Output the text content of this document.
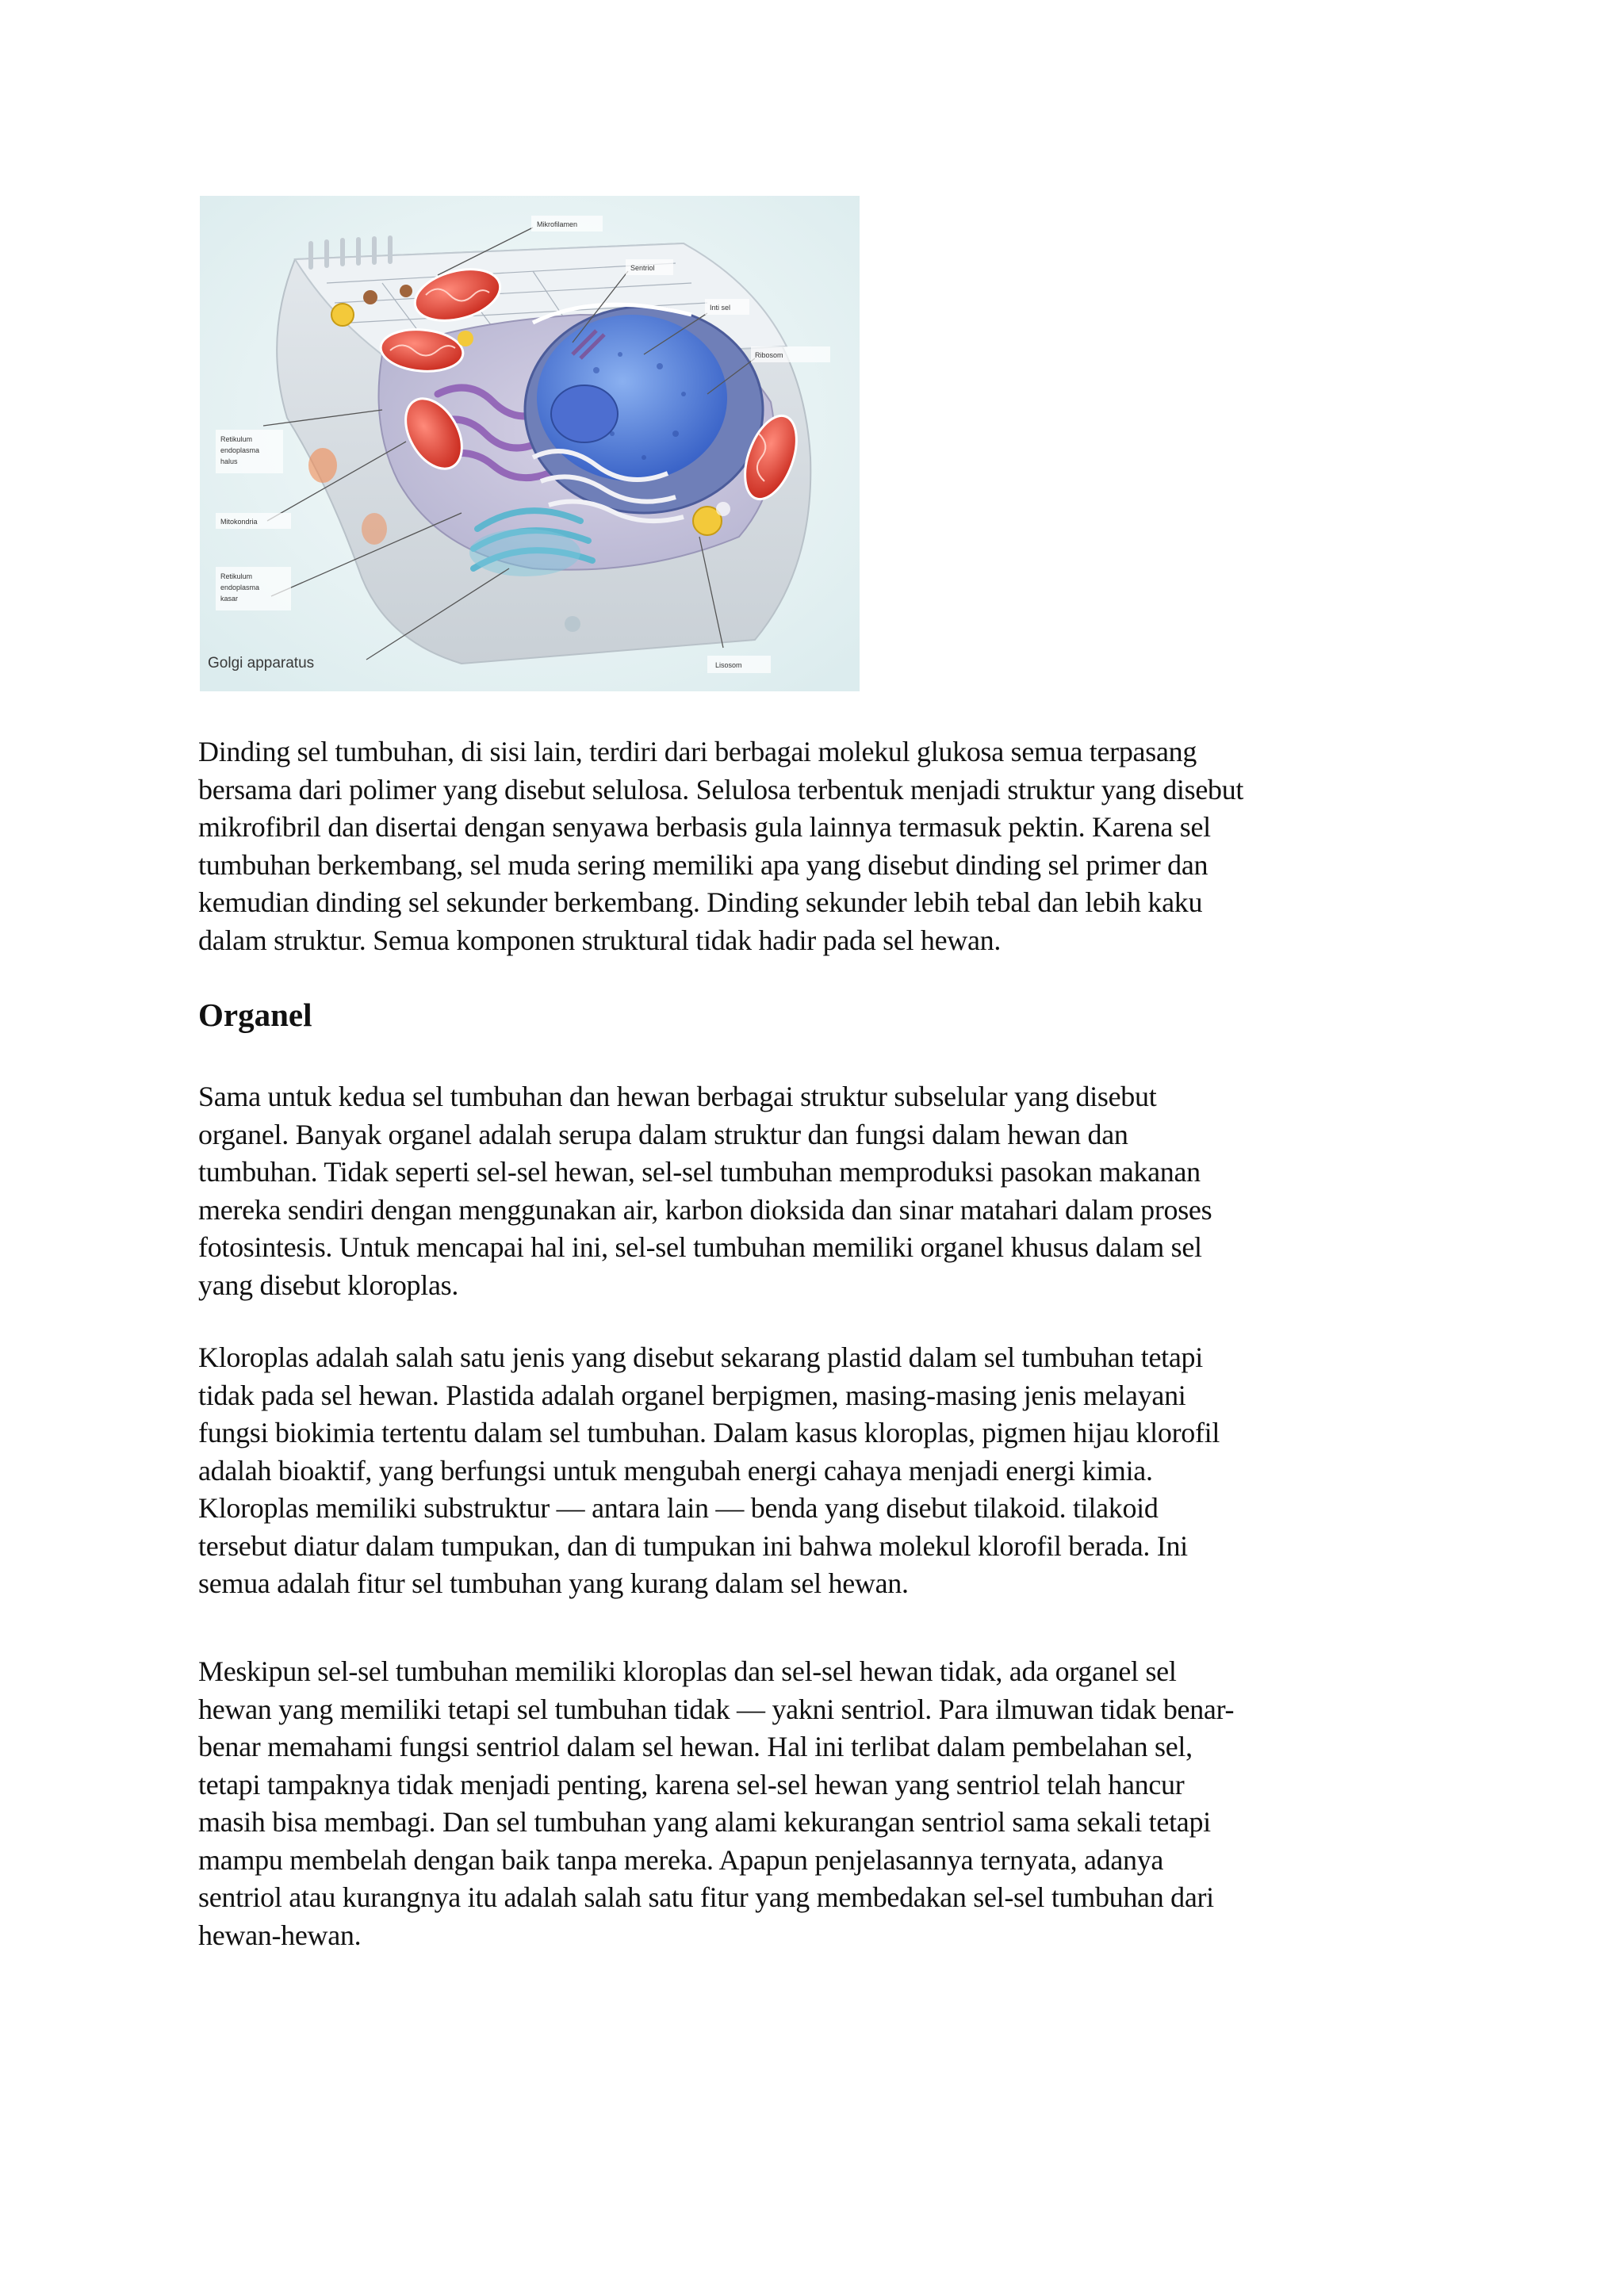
Mikrofilamen
Sentriol
Inti sel
Ribosom
Retikulum
endoplasma
halus
Mitokondria
Retikulum
endoplasma
kasar
Golgi apparatus	Lisosom

Dinding sel tumbuhan, di sisi lain, terdiri dari berbagai molekul glukosa semua terpasang
bersama dari polimer yang disebut selulosa. Selulosa terbentuk menjadi struktur yang disebut
mikrofibril dan disertai dengan senyawa berbasis gula lainnya termasuk pektin. Karena sel
tumbuhan berkembang, sel muda sering memiliki apa yang disebut dinding sel primer dan
kemudian dinding sel sekunder berkembang. Dinding sekunder lebih tebal dan lebih kaku
dalam struktur. Semua komponen struktural tidak hadir pada sel hewan.

Organel

Sama untuk kedua sel tumbuhan dan hewan berbagai struktur subselular yang disebut
organel. Banyak organel adalah serupa dalam struktur dan fungsi dalam hewan dan
tumbuhan. Tidak seperti sel-sel hewan, sel-sel tumbuhan memproduksi pasokan makanan
mereka sendiri dengan menggunakan air, karbon dioksida dan sinar matahari dalam proses
fotosintesis. Untuk mencapai hal ini, sel-sel tumbuhan memiliki organel khusus dalam sel
yang disebut kloroplas.

Kloroplas adalah salah satu jenis yang disebut sekarang plastid dalam sel tumbuhan tetapi
tidak pada sel hewan. Plastida adalah organel berpigmen, masing-masing jenis melayani
fungsi biokimia tertentu dalam sel tumbuhan. Dalam kasus kloroplas, pigmen hijau klorofil
adalah bioaktif, yang berfungsi untuk mengubah energi cahaya menjadi energi kimia.
Kloroplas memiliki substruktur — antara lain — benda yang disebut tilakoid. tilakoid
tersebut diatur dalam tumpukan, dan di tumpukan ini bahwa molekul klorofil berada. Ini
semua adalah fitur sel tumbuhan yang kurang dalam sel hewan.

Meskipun sel-sel tumbuhan memiliki kloroplas dan sel-sel hewan tidak, ada organel sel
hewan yang memiliki tetapi sel tumbuhan tidak — yakni sentriol. Para ilmuwan tidak benar-
benar memahami fungsi sentriol dalam sel hewan. Hal ini terlibat dalam pembelahan sel,
tetapi tampaknya tidak menjadi penting, karena sel-sel hewan yang sentriol telah hancur
masih bisa membagi. Dan sel tumbuhan yang alami kekurangan sentriol sama sekali tetapi
mampu membelah dengan baik tanpa mereka. Apapun penjelasannya ternyata, adanya
sentriol atau kurangnya itu adalah salah satu fitur yang membedakan sel-sel tumbuhan dari
hewan-hewan.
